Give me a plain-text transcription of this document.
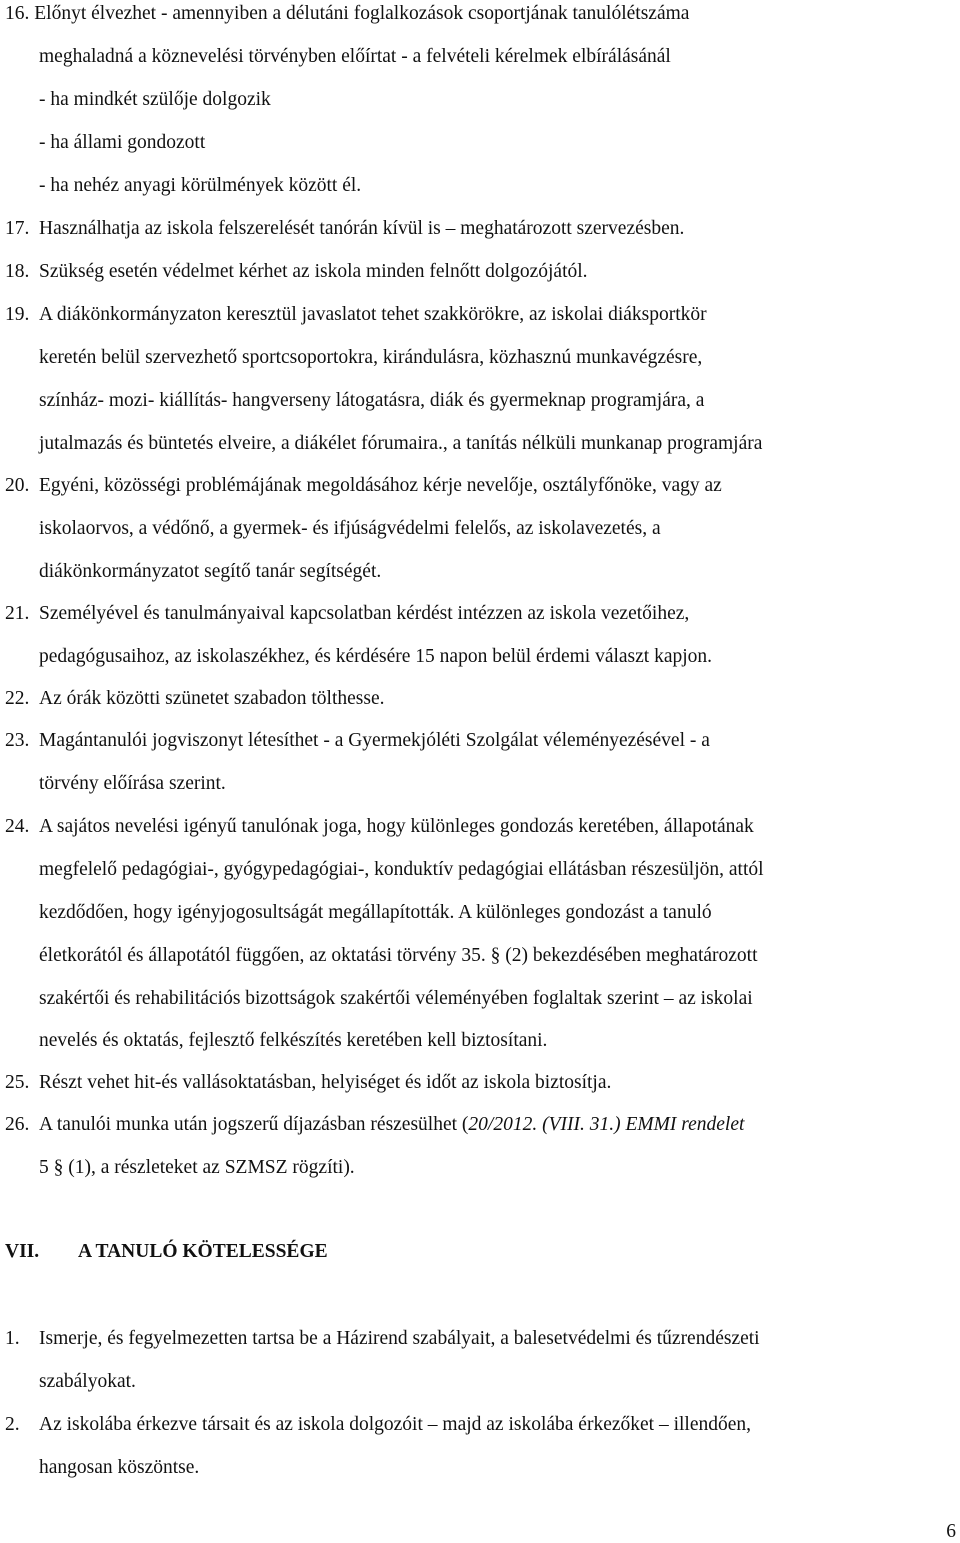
16. Előnyt élvezhet - amennyiben a délutáni foglalkozások csoportjának tanulólétszáma
meghaladná a köznevelési törvényben előírtat - a felvételi kérelmek elbírálásánál
- ha mindkét szülője dolgozik
- ha állami gondozott
- ha nehéz anyagi körülmények között él.
17. Használhatja az iskola felszerelését tanórán kívül is – meghatározott szervezésben.
18. Szükség esetén védelmet kérhet az iskola minden felnőtt dolgozójától.
19. A diákönkormányzaton keresztül javaslatot tehet szakkörökre, az iskolai diáksportkör
keretén belül szervezhető sportcsoportokra, kirándulásra, közhasznú munkavégzésre,
színház- mozi- kiállítás- hangverseny látogatásra, diák és gyermeknap programjára, a
jutalmazás és büntetés elveire, a diákélet fórumaira., a tanítás nélküli munkanap programjára
20. Egyéni, közösségi problémájának megoldásához kérje nevelője, osztályfőnöke, vagy az
iskolaorvos, a védőnő, a gyermek- és ifjúságvédelmi felelős, az iskolavezetés, a
diákönkormányzatot segítő tanár segítségét.
21. Személyével és tanulmányaival kapcsolatban kérdést intézzen az iskola vezetőihez,
pedagógusaihoz, az iskolaszékhez, és kérdésére 15 napon belül érdemi választ kapjon.
22. Az órák közötti szünetet szabadon tölthesse.
23. Magántanulói jogviszonyt létesíthet - a Gyermekjóléti Szolgálat véleményezésével - a
törvény előírása szerint.
24. A sajátos nevelési igényű tanulónak joga, hogy különleges gondozás keretében, állapotának
megfelelő pedagógiai-, gyógypedagógiai-, konduktív pedagógiai ellátásban részesüljön, attól
kezdődően, hogy igényjogosultságát megállapították. A különleges gondozást a tanuló
életkorától és állapotától függően, az oktatási törvény 35. § (2) bekezdésében meghatározott
szakértői és rehabilitációs bizottságok szakértői véleményében foglaltak szerint – az iskolai
nevelés és oktatás, fejlesztő felkészítés keretében kell biztosítani.
25. Részt vehet hit-és vallásoktatásban, helyiséget és időt az iskola biztosítja.
26. A tanulói munka után jogszerű díjazásban részesülhet (20/2012. (VIII. 31.) EMMI rendelet
5 § (1), a részleteket az SZMSZ rögzíti).
VII. A TANULÓ KÖTELESSÉGE
1. Ismerje, és fegyelmezetten tartsa be a Házirend szabályait, a balesetvédelmi és tűzrendészeti
szabályokat.
2. Az iskolába érkezve társait és az iskola dolgozóit – majd az iskolába érkezőket – illendően,
hangosan köszöntse.
6
